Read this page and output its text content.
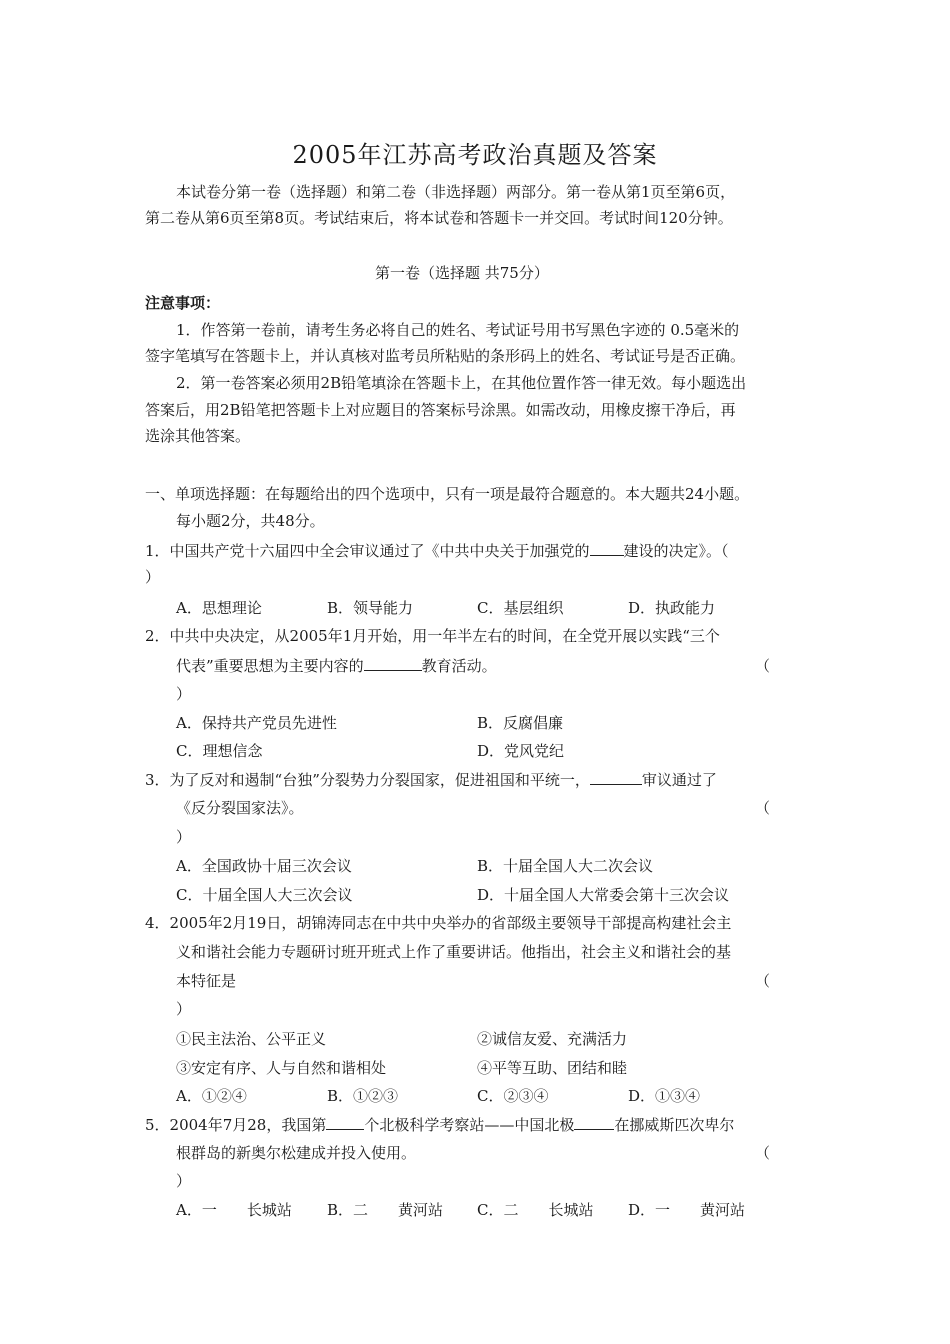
2005年江苏高考政治真题及答案
本试卷分第一卷（选择题）和第二卷（非选择题）两部分。第一卷从第1页至第6页，
第二卷从第6页至第8页。考试结束后，将本试卷和答题卡一并交回。考试时间120分钟。
第一卷（选择题 共75分）
注意事项：
1．作答第一卷前，请考生务必将自己的姓名、考试证号用书写黑色字迹的 0.5毫米的
签字笔填写在答题卡上，并认真核对监考员所粘贴的条形码上的姓名、考试证号是否正确。
2．第一卷答案必须用2B铅笔填涂在答题卡上，在其他位置作答一律无效。每小题选出
答案后，用2B铅笔把答题卡上对应题目的答案标号涂黑。如需改动，用橡皮擦干净后，再
选涂其他答案。
一、单项选择题：在每题给出的四个选项中，只有一项是最符合题意的。本大题共24小题。
每小题2分，共48分。
1．中国共产党十六届四中全会审议通过了《中共中央关于加强党的 建设的决定》。（
）
A．思想理论	B．领导能力	C．基层组织	D．执政能力
2．中共中央决定，从2005年1月开始，用一年半左右的时间，在全党开展以实践“三个
代表”重要思想为主要内容的	教育活动。	（
）
A．保持共产党员先进性	B．反腐倡廉
C．理想信念	D．党风党纪
3．为了反对和遏制“台独”分裂势力分裂国家，促进祖国和平统一，	审议通过了
《反分裂国家法》。	（
）
A．全国政协十届三次会议	B．十届全国人大二次会议
C．十届全国人大三次会议	D．十届全国人大常委会第十三次会议
4．2005年2月19日，胡锦涛同志在中共中央举办的省部级主要领导干部提高构建社会主
义和谐社会能力专题研讨班开班式上作了重要讲话。他指出，社会主义和谐社会的基
本特征是	（
）
①民主法治、公平正义	②诚信友爱、充满活力
③安定有序、人与自然和谐相处	④平等互助、团结和睦
A．①②④	B．①②③	C．②③④	D．①③④
5．2004年7月28，我国第	个北极科学考察站——中国北极	在挪威斯匹次卑尔
根群岛的新奥尔松建成并投入使用。	（
）
A．一　　长城站 B．二　　黄河站 C．二　　长城站 D．一　　黄河站
